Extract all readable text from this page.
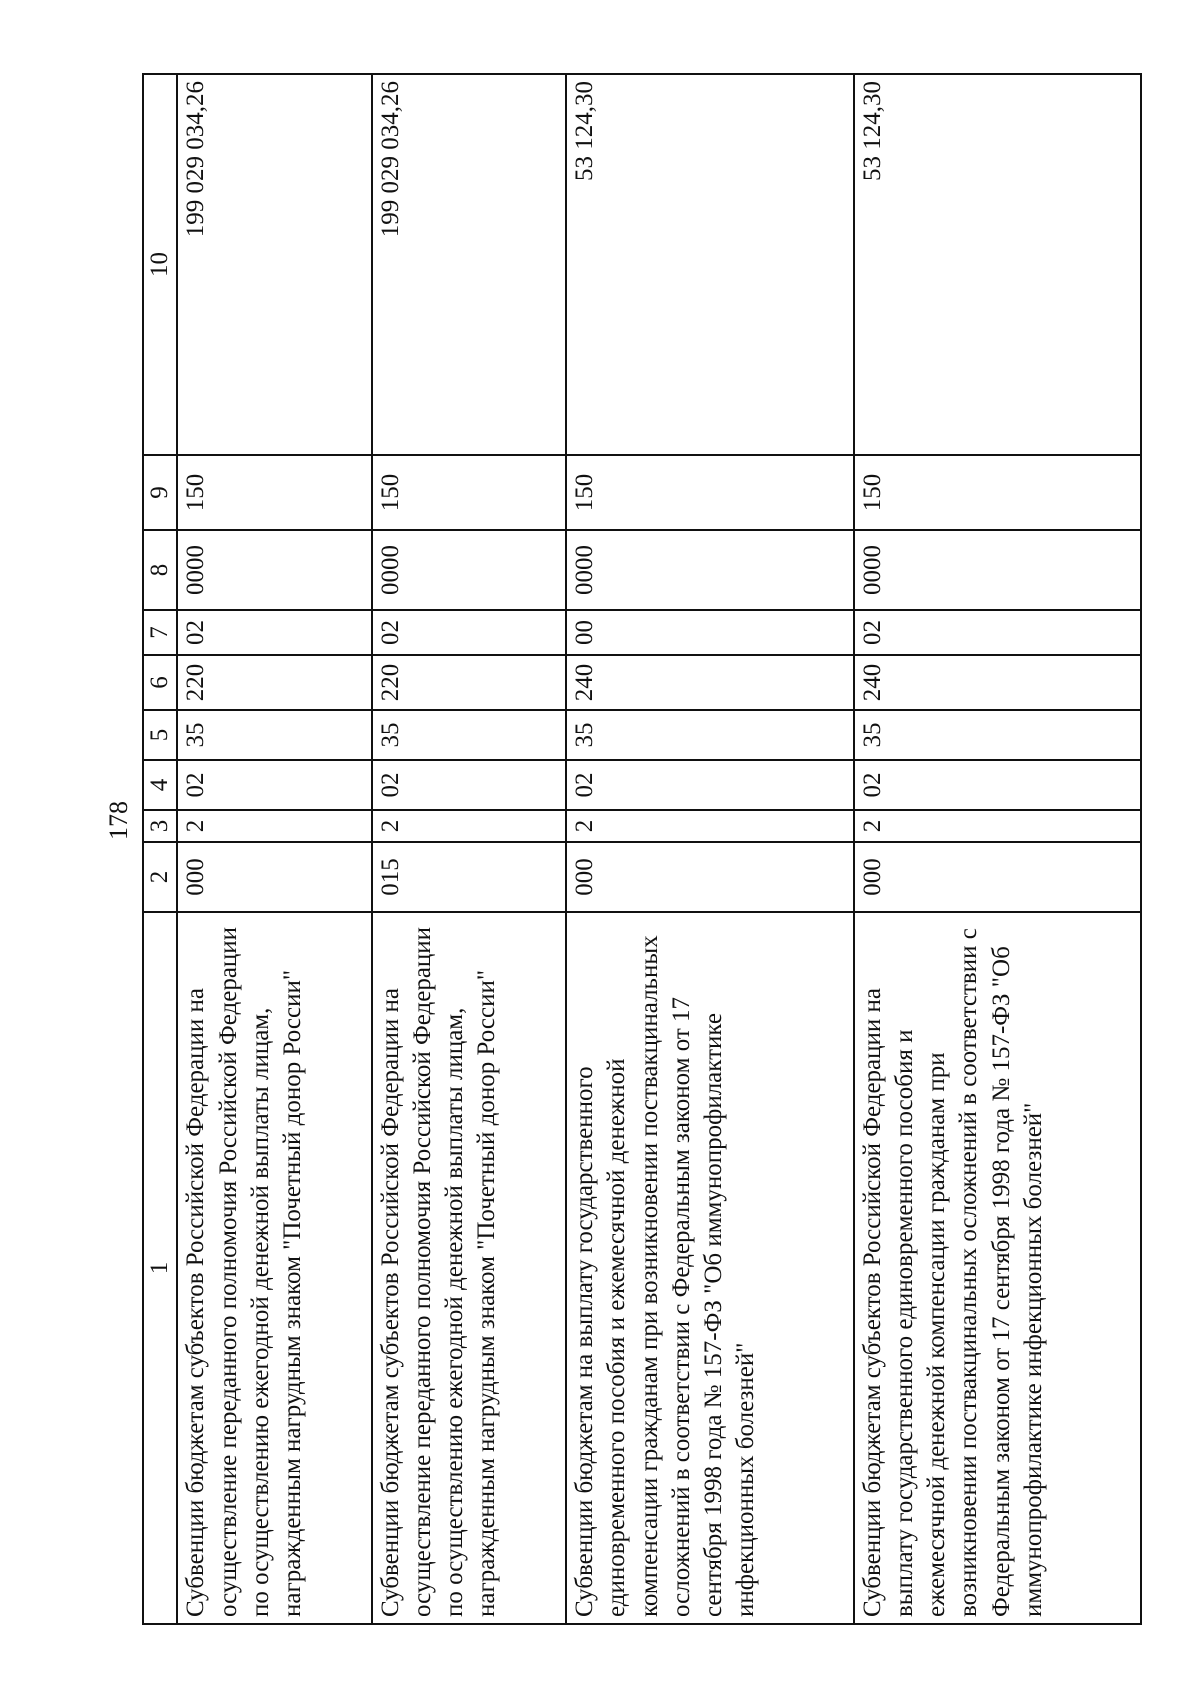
178
1	2	3	4	5	6	7	8	9	10
Субвенции бюджетам субъектов Российской Федерации на осуществление переданного полномочия Российской Федерации по осуществлению ежегодной денежной выплаты лицам, награжденным нагрудным знаком "Почетный донор России"	000	2	02	35	220	02	0000	150	199 029 034,26
Субвенции бюджетам субъектов Российской Федерации на осуществление переданного полномочия Российской Федерации по осуществлению ежегодной денежной выплаты лицам, награжденным нагрудным знаком "Почетный донор России"	015	2	02	35	220	02	0000	150	199 029 034,26
Субвенции бюджетам на выплату государственного единовременного пособия и ежемесячной денежной компенсации гражданам при возникновении поствакцинальных осложнений в соответствии с Федеральным законом от 17 сентября 1998 года № 157-ФЗ "Об иммунопрофилактике инфекционных болезней"	000	2	02	35	240	00	0000	150	53 124,30
Субвенции бюджетам субъектов Российской Федерации на выплату государственного единовременного пособия и ежемесячной денежной компенсации гражданам при возникновении поствакцинальных осложнений в соответствии с Федеральным законом от 17 сентября 1998 года № 157-ФЗ "Об иммунопрофилактике инфекционных болезней"	000	2	02	35	240	02	0000	150	53 124,30
